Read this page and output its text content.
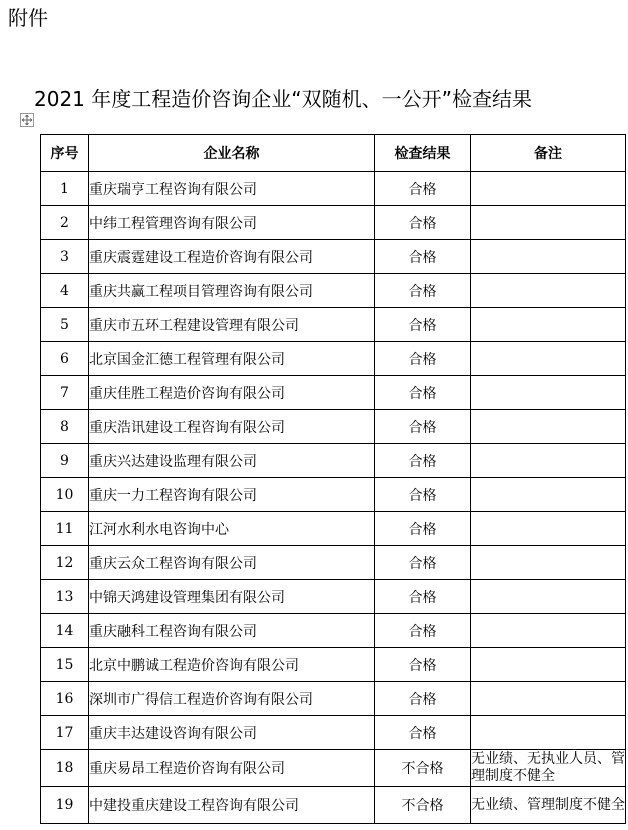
附件
2021 年度工程造价咨询企业“双随机、一公开”检查结果
序号	企业名称	检查结果	备注
1	重庆瑞亨工程咨询有限公司	合格	
2	中纬工程管理咨询有限公司	合格	
3	重庆震霆建设工程造价咨询有限公司	合格	
4	重庆共赢工程项目管理咨询有限公司	合格	
5	重庆市五环工程建设管理有限公司	合格	
6	北京国金汇德工程管理有限公司	合格	
7	重庆佳胜工程造价咨询有限公司	合格	
8	重庆浩讯建设工程咨询有限公司	合格	
9	重庆兴达建设监理有限公司	合格	
10	重庆一力工程咨询有限公司	合格	
11	江河水利水电咨询中心	合格	
12	重庆云众工程咨询有限公司	合格	
13	中锦天鸿建设管理集团有限公司	合格	
14	重庆融科工程咨询有限公司	合格	
15	北京中鹏诚工程造价咨询有限公司	合格	
16	深圳市广得信工程造价咨询有限公司	合格	
17	重庆丰达建设咨询有限公司	合格	
18	重庆易昂工程造价咨询有限公司	不合格	无业绩、无执业人员、管理制度不健全
19	中建投重庆建设工程咨询有限公司	不合格	无业绩、管理制度不健全
